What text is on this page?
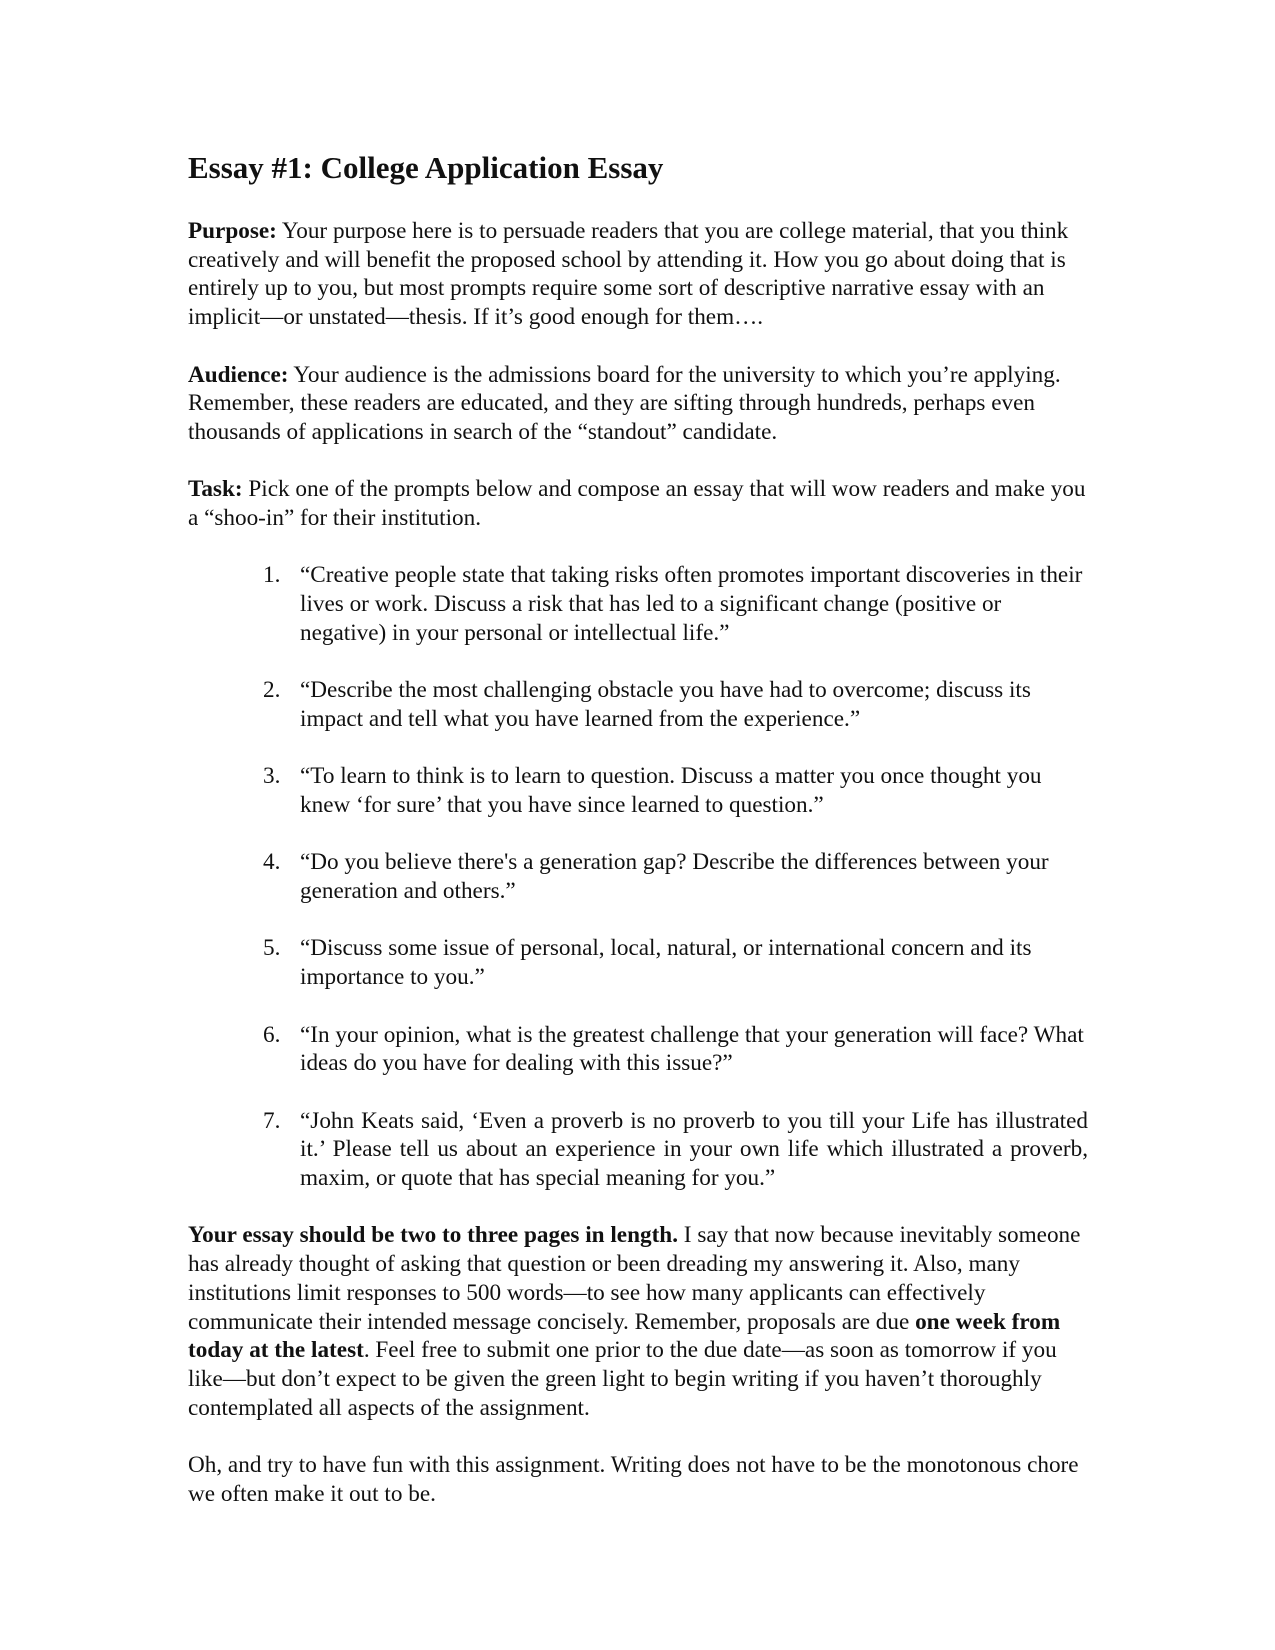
Essay #1: College Application Essay

Purpose: Your purpose here is to persuade readers that you are college material, that you think creatively and will benefit the proposed school by attending it. How you go about doing that is entirely up to you, but most prompts require some sort of descriptive narrative essay with an implicit—or unstated—thesis. If it’s good enough for them….

Audience: Your audience is the admissions board for the university to which you’re applying. Remember, these readers are educated, and they are sifting through hundreds, perhaps even thousands of applications in search of the “standout” candidate.

Task: Pick one of the prompts below and compose an essay that will wow readers and make you a “shoo-in” for their institution.

1. “Creative people state that taking risks often promotes important discoveries in their lives or work. Discuss a risk that has led to a significant change (positive or negative) in your personal or intellectual life.”
2. “Describe the most challenging obstacle you have had to overcome; discuss its impact and tell what you have learned from the experience.”
3. “To learn to think is to learn to question. Discuss a matter you once thought you knew ‘for sure’ that you have since learned to question.”
4. “Do you believe there's a generation gap? Describe the differences between your generation and others.”
5. “Discuss some issue of personal, local, natural, or international concern and its importance to you.”
6. “In your opinion, what is the greatest challenge that your generation will face? What ideas do you have for dealing with this issue?”
7. “John Keats said, ‘Even a proverb is no proverb to you till your Life has illustrated it.’ Please tell us about an experience in your own life which illustrated a proverb, maxim, or quote that has special meaning for you.”

Your essay should be two to three pages in length. I say that now because inevitably someone has already thought of asking that question or been dreading my answering it. Also, many institutions limit responses to 500 words—to see how many applicants can effectively communicate their intended message concisely. Remember, proposals are due one week from today at the latest. Feel free to submit one prior to the due date—as soon as tomorrow if you like—but don’t expect to be given the green light to begin writing if you haven’t thoroughly contemplated all aspects of the assignment.

Oh, and try to have fun with this assignment. Writing does not have to be the monotonous chore we often make it out to be.
